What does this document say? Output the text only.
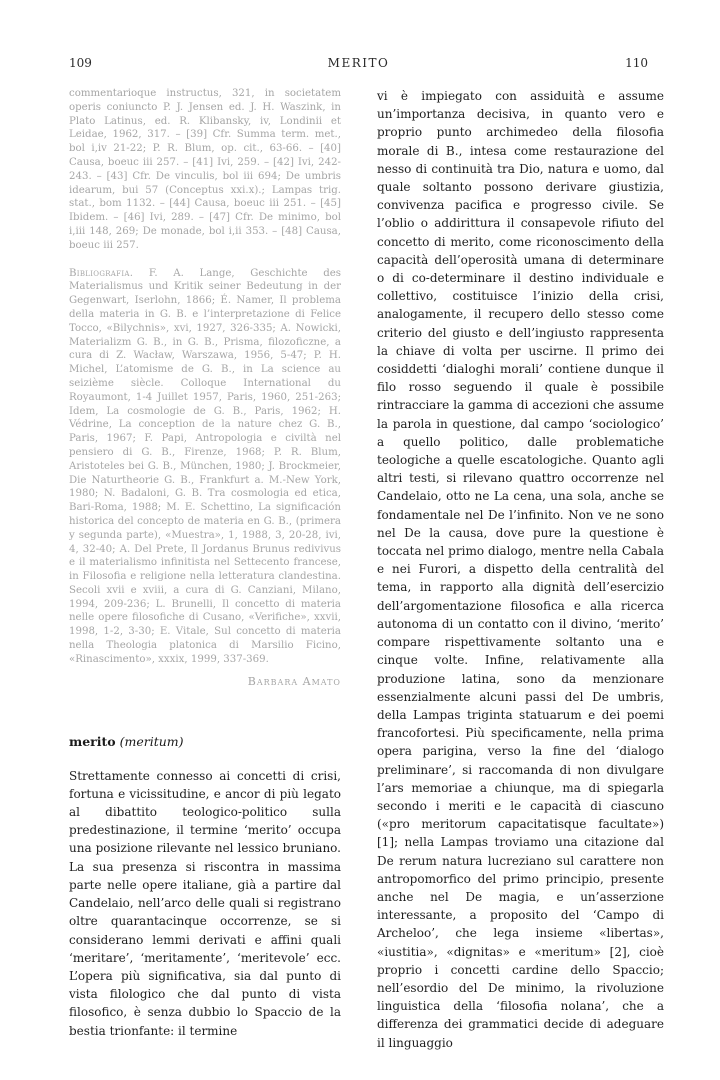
109	MERITO	110

commentarioque instructus, 321, in societatem operis coniuncto P. J. Jensen ed. J. H. Waszink, in Plato Latinus, ed. R. Klibansky, iv, Londinii et Leidae, 1962, 317. – [39] Cfr. Summa term. met., bol i,iv 21-22; P. R. Blum, op. cit., 63-66. – [40] Causa, boeuc iii 257. – [41] Ivi, 259. – [42] Ivi, 242-243. – [43] Cfr. De vinculis, bol iii 694; De umbris idearum, bui 57 (Conceptus xxi.x).; Lampas trig. stat., bom 1132. – [44] Causa, boeuc iii 251. – [45] Ibidem. – [46] Ivi, 289. – [47] Cfr. De minimo, bol i,iii 148, 269; De monade, bol i,ii 353. – [48] Causa, boeuc iii 257.

Bibliografia. F. A. Lange, Geschichte des Materialismus und Kritik seiner Bedeutung in der Gegenwart, Iserlohn, 1866; É. Namer, Il problema della materia in G. B. e l’interpretazione di Felice Tocco, «Bilychnis», xvi, 1927, 326-335; A. Nowicki, Materializm G. B., in G. B., Prisma, filozoficzne, a cura di Z. Wacław, Warszawa, 1956, 5-47; P. H. Michel, L’atomisme de G. B., in La science au seizième siècle. Colloque International du Royaumont, 1-4 Juillet 1957, Paris, 1960, 251-263; Idem, La cosmologie de G. B., Paris, 1962; H. Védrine, La conception de la nature chez G. B., Paris, 1967; F. Papi, Antropologia e civiltà nel pensiero di G. B., Firenze, 1968; P. R. Blum, Aristoteles bei G. B., München, 1980; J. Brockmeier, Die Naturtheorie G. B., Frankfurt a. M.-New York, 1980; N. Badaloni, G. B. Tra cosmologia ed etica, Bari-Roma, 1988; M. E. Schettino, La significación historica del concepto de materia en G. B., (primera y segunda parte), «Muestra», 1, 1988, 3, 20-28, ivi, 4, 32-40; A. Del Prete, Il Jordanus Brunus redivivus e il materialismo infinitista nel Settecento francese, in Filosofia e religione nella letteratura clandestina. Secoli xvii e xviii, a cura di G. Canziani, Milano, 1994, 209-236; L. Brunelli, Il concetto di materia nelle opere filosofiche di Cusano, «Verifiche», xxvii, 1998, 1-2, 3-30; E. Vitale, Sul concetto di materia nella Theologia platonica di Marsilio Ficino, «Rinascimento», xxxix, 1999, 337-369.

Barbara Amato
merito (meritum)

Strettamente connesso ai concetti di crisi, fortuna e vicissitudine, e ancor di più legato al dibattito teologico-politico sulla predestinazione, il termine ‘merito’ occupa una posizione rilevante nel lessico bruniano. La sua presenza si riscontra in massima parte nelle opere italiane, già a partire dal Candelaio, nell’arco delle quali si registrano oltre quarantacinque occorrenze, se si considerano lemmi derivati e affini quali ‘meritare’, ‘meritamente’, ‘meritevole’ ecc. L’opera più significativa, sia dal punto di vista filologico che dal punto di vista filosofico, è senza dubbio lo Spaccio de la bestia trionfante: il termine

vi è impiegato con assiduità e assume un’importanza decisiva, in quanto vero e proprio punto archimedeo della filosofia morale di B., intesa come restaurazione del nesso di continuità tra Dio, natura e uomo, dal quale soltanto possono derivare giustizia, convivenza pacifica e progresso civile. Se l’oblio o addirittura il consapevole rifiuto del concetto di merito, come riconoscimento della capacità dell’operosità umana di determinare o di co-determinare il destino individuale e collettivo, costituisce l’inizio della crisi, analogamente, il recupero dello stesso come criterio del giusto e dell’ingiusto rappresenta la chiave di volta per uscirne. Il primo dei cosiddetti ‘dialoghi morali’ contiene dunque il filo rosso seguendo il quale è possibile rintracciare la gamma di accezioni che assume la parola in questione, dal campo ‘sociologico’ a quello politico, dalle problematiche teologiche a quelle escatologiche. Quanto agli altri testi, si rilevano quattro occorrenze nel Candelaio, otto ne La cena, una sola, anche se fondamentale nel De l’infinito. Non ve ne sono nel De la causa, dove pure la questione è toccata nel primo dialogo, mentre nella Cabala e nei Furori, a dispetto della centralità del tema, in rapporto alla dignità dell’esercizio dell’argomentazione filosofica e alla ricerca autonoma di un contatto con il divino, ‘merito’ compare rispettivamente soltanto una e cinque volte. Infine, relativamente alla produzione latina, sono da menzionare essenzialmente alcuni passi del De umbris, della Lampas triginta statuarum e dei poemi francofortesi. Più specificamente, nella prima opera parigina, verso la fine del ‘dialogo preliminare’, si raccomanda di non divulgare l’ars memoriae a chiunque, ma di spiegarla secondo i meriti e le capacità di ciascuno («pro meritorum capacitatisque facultate») [1]; nella Lampas troviamo una citazione dal De rerum natura lucreziano sul carattere non antropomorfico del primo principio, presente anche nel De magia, e un’asserzione interessante, a proposito del ‘Campo di Archeloo’, che lega insieme «libertas», «iustitia», «dignitas» e «meritum» [2], cioè proprio i concetti cardine dello Spaccio; nell’esordio del De minimo, la rivoluzione linguistica della ‘filosofia nolana’, che a differenza dei grammatici decide di adeguare il linguaggio
